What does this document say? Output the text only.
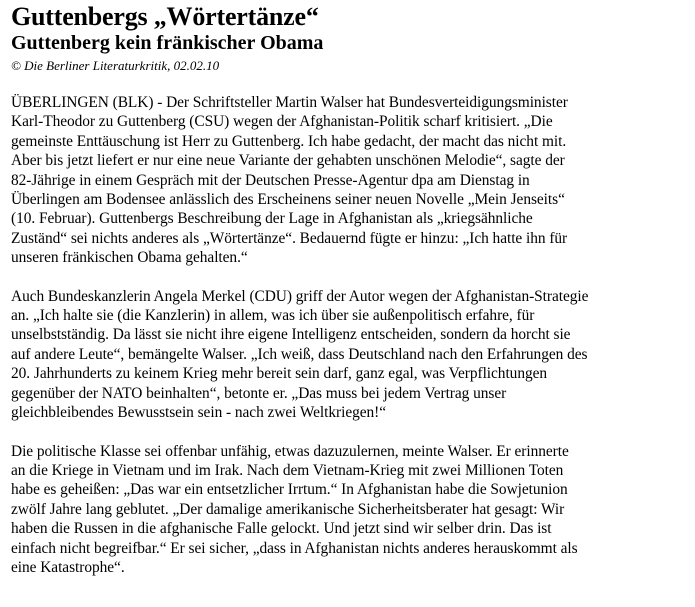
Guttenbergs „Wörtertänze“
Guttenberg kein fränkischer Obama
© Die Berliner Literaturkritik, 02.02.10

ÜBERLINGEN (BLK) - Der Schriftsteller Martin Walser hat Bundesverteidigungsminister
Karl-Theodor zu Guttenberg (CSU) wegen der Afghanistan-Politik scharf kritisiert. „Die
gemeinste Enttäuschung ist Herr zu Guttenberg. Ich habe gedacht, der macht das nicht mit.
Aber bis jetzt liefert er nur eine neue Variante der gehabten unschönen Melodie“, sagte der
82-Jährige in einem Gespräch mit der Deutschen Presse-Agentur dpa am Dienstag in
Überlingen am Bodensee anlässlich des Erscheinens seiner neuen Novelle „Mein Jenseits“
(10. Februar). Guttenbergs Beschreibung der Lage in Afghanistan als „kriegsähnliche
Zuständ“ sei nichts anderes als „Wörtertänze“. Bedauernd fügte er hinzu: „Ich hatte ihn für
unseren fränkischen Obama gehalten.“

Auch Bundeskanzlerin Angela Merkel (CDU) griff der Autor wegen der Afghanistan-Strategie
an. „Ich halte sie (die Kanzlerin) in allem, was ich über sie außenpolitisch erfahre, für
unselbstständig. Da lässt sie nicht ihre eigene Intelligenz entscheiden, sondern da horcht sie
auf andere Leute“, bemängelte Walser. „Ich weiß, dass Deutschland nach den Erfahrungen des
20. Jahrhunderts zu keinem Krieg mehr bereit sein darf, ganz egal, was Verpflichtungen
gegenüber der NATO beinhalten“, betonte er. „Das muss bei jedem Vertrag unser
gleichbleibendes Bewusstsein sein - nach zwei Weltkriegen!“

Die politische Klasse sei offenbar unfähig, etwas dazuzulernen, meinte Walser. Er erinnerte
an die Kriege in Vietnam und im Irak. Nach dem Vietnam-Krieg mit zwei Millionen Toten
habe es geheißen: „Das war ein entsetzlicher Irrtum.“ In Afghanistan habe die Sowjetunion
zwölf Jahre lang geblutet. „Der damalige amerikanische Sicherheitsberater hat gesagt: Wir
haben die Russen in die afghanische Falle gelockt. Und jetzt sind wir selber drin. Das ist
einfach nicht begreifbar.“ Er sei sicher, „dass in Afghanistan nichts anderes herauskommt als
eine Katastrophe“.
